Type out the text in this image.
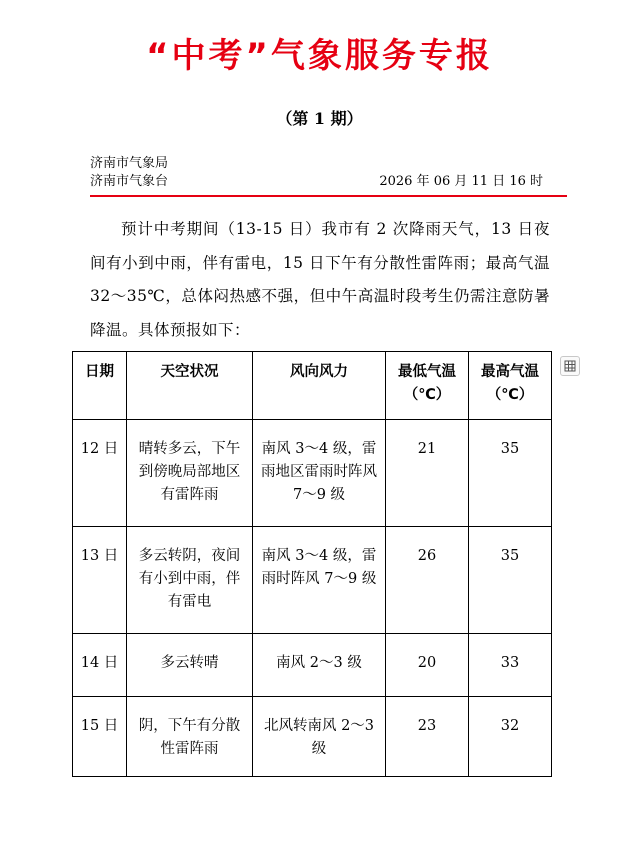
“中考”气象服务专报
（第 1 期）
济南市气象局
济南市气象台	2026 年 06 月 11 日 16 时
预计中考期间（13-15 日）我市有 2 次降雨天气，13 日夜间有小到中雨，伴有雷电，15 日下午有分散性雷阵雨；最高气温 32～35℃，总体闷热感不强，但中午高温时段考生仍需注意防暑降温。具体预报如下：
日期	天空状况	风向风力	最低气温（℃）	最高气温（℃）
12 日	晴转多云，下午到傍晚局部地区有雷阵雨	南风 3～4 级，雷雨地区雷雨时阵风 7～9 级	21	35
13 日	多云转阴，夜间有小到中雨，伴有雷电	南风 3～4 级，雷雨时阵风 7～9 级	26	35
14 日	多云转晴	南风 2～3 级	20	33
15 日	阴，下午有分散性雷阵雨	北风转南风 2～3 级	23	32
